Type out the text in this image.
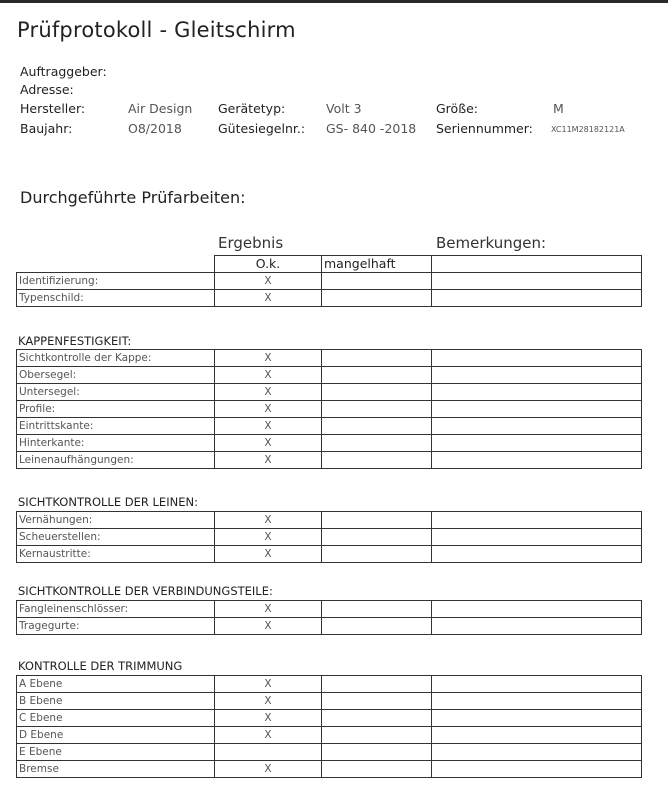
Prüfprotokoll - Gleitschirm
Auftraggeber:
Adresse:
Hersteller:	Air Design Gerätetyp:	Volt 3	Größe:	M
Baujahr:	O8/2018	Gütesiegelnr.: GS- 840 -2018 Seriennummer: XC11M28182121A
Durchgeführte Prüfarbeiten:
Ergebnis	Bemerkungen:
	O.k.	mangelhaft	
Identifizierung:	X		
Typenschild:	X		
KAPPENFESTIGKEIT:
Sichtkontrolle der Kappe:	X		
Obersegel:	X		
Untersegel:	X		
Profile:	X		
Eintrittskante:	X		
Hinterkante:	X		
Leinenaufhängungen:	X		
SICHTKONTROLLE DER LEINEN:
Vernähungen:	X		
Scheuerstellen:	X		
Kernaustritte:	X		
SICHTKONTROLLE DER VERBINDUNGSTEILE:
Fangleinenschlösser:	X		
Tragegurte:	X		
KONTROLLE DER TRIMMUNG
A Ebene	X		
B Ebene	X		
C Ebene	X		
D Ebene	X		
E Ebene			
Bremse	X		
